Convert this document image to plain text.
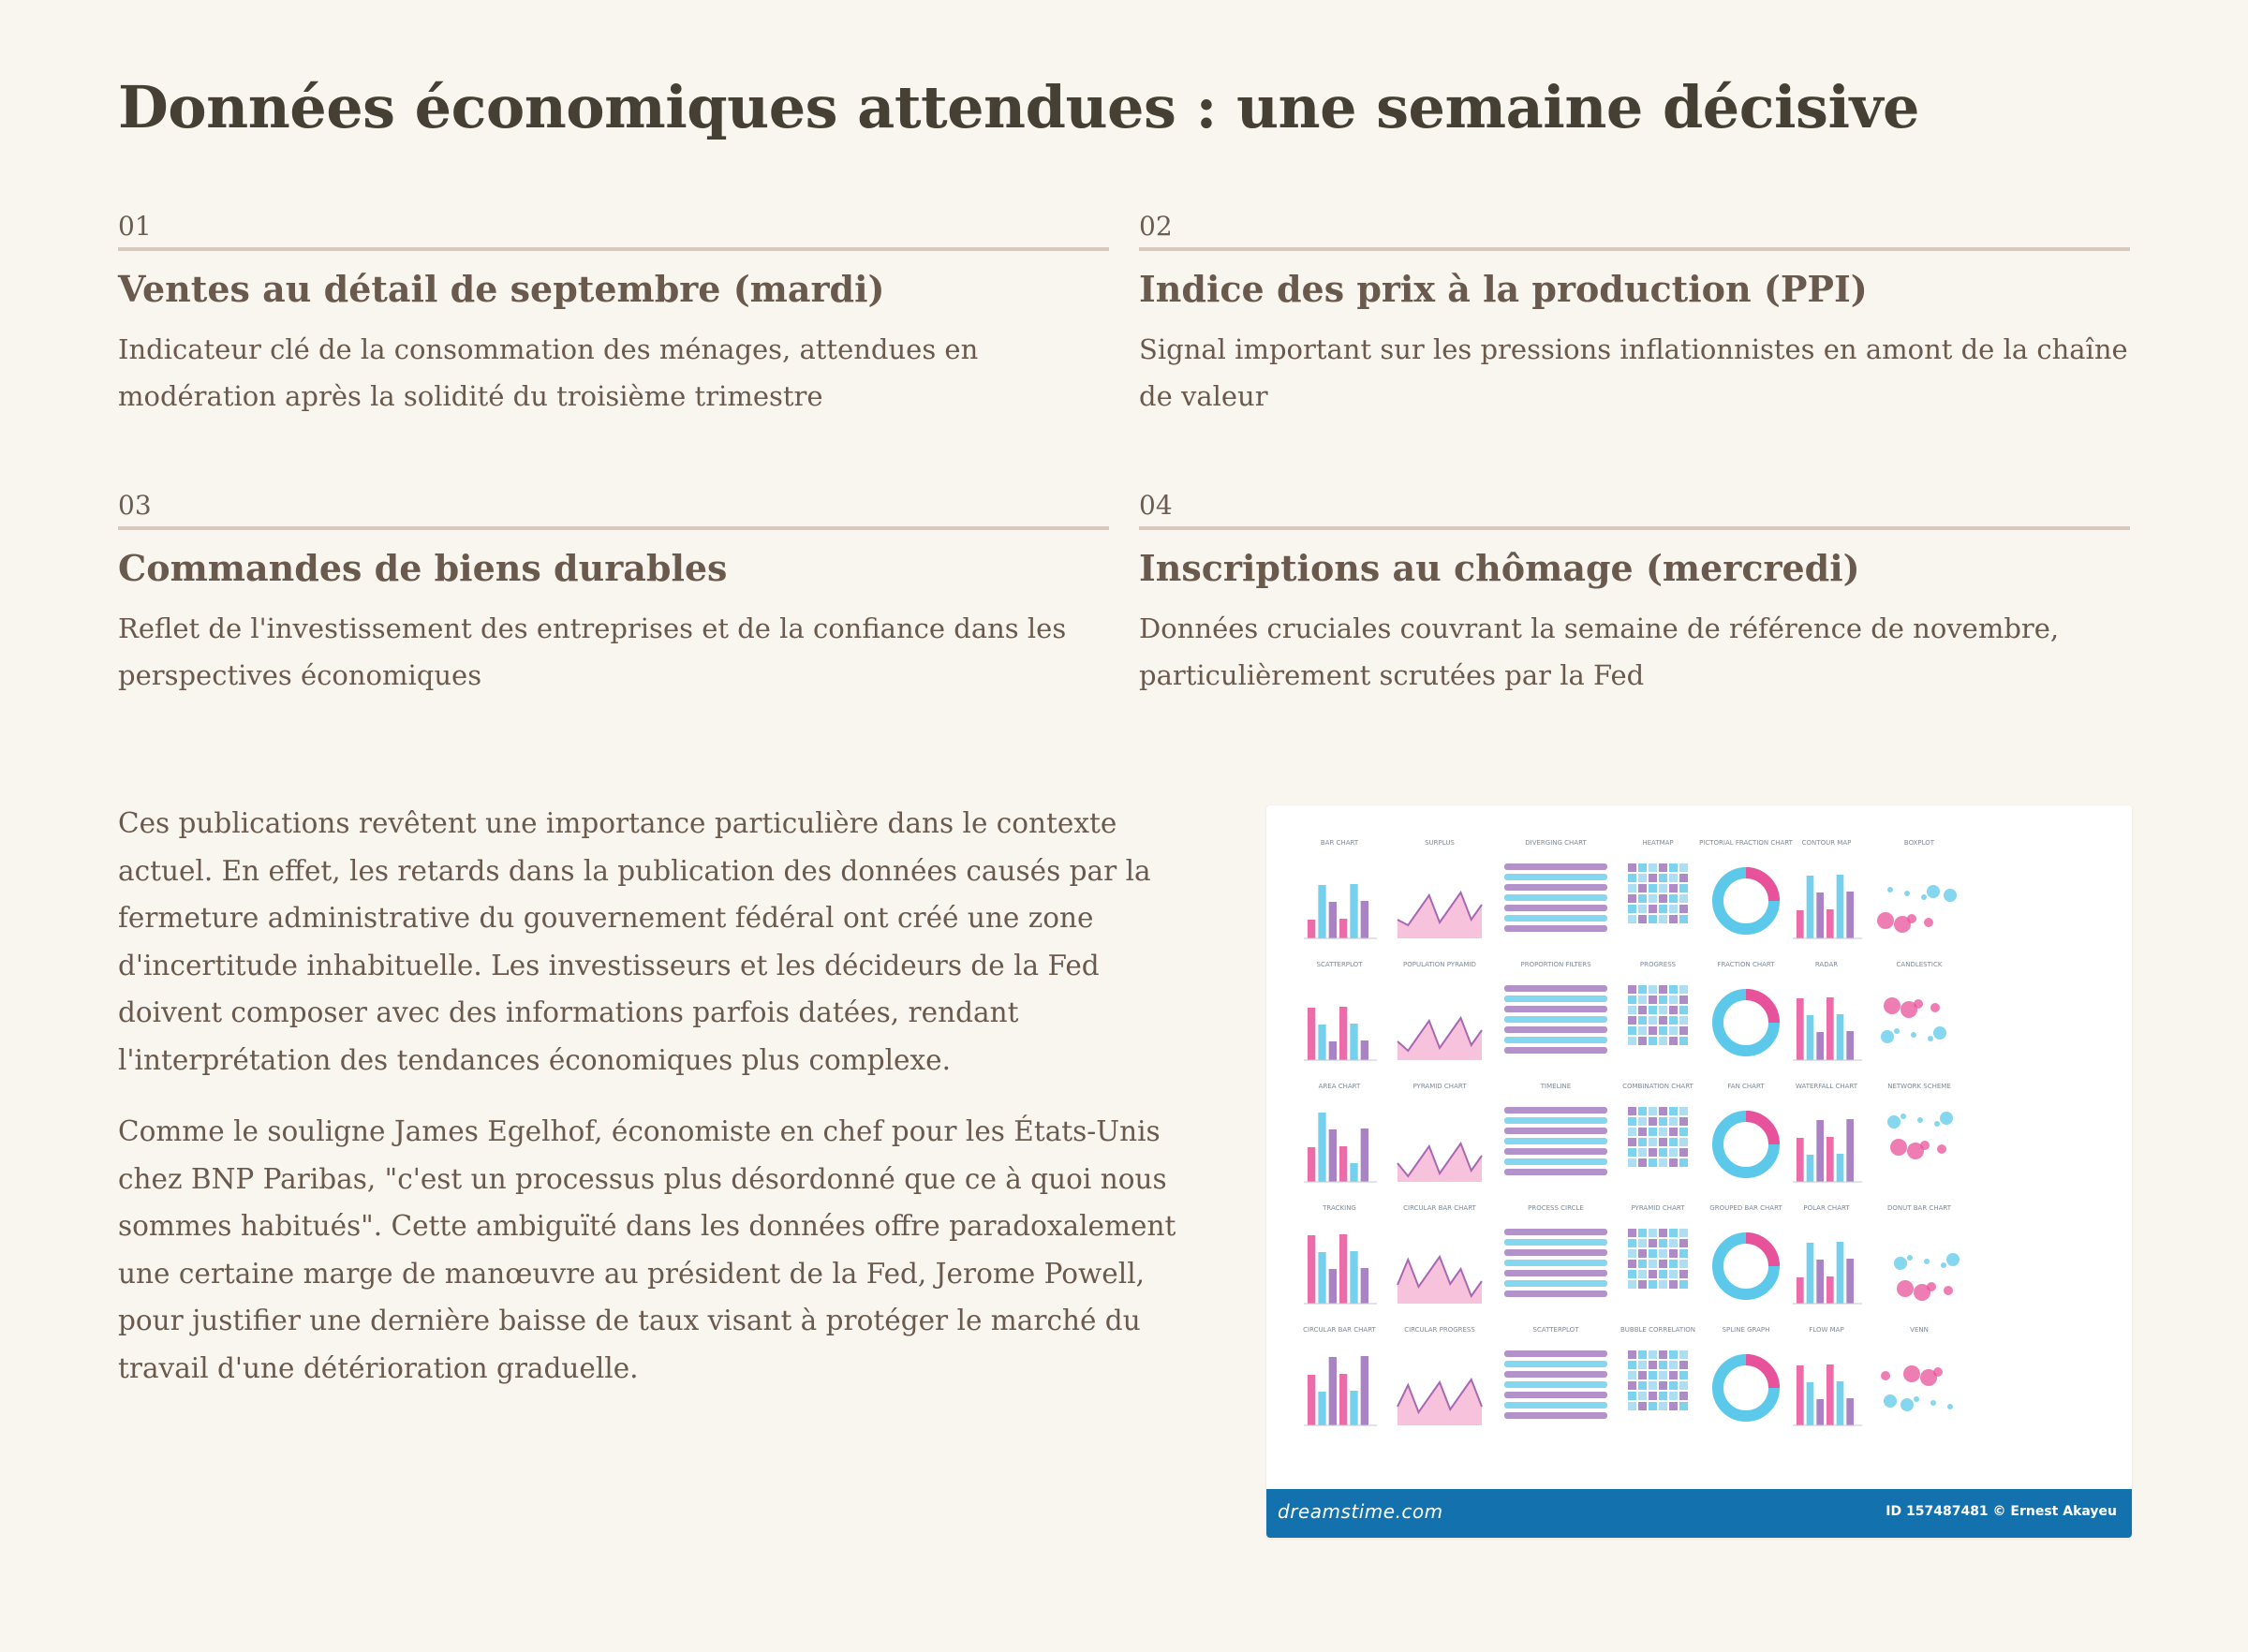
Données économiques attendues : une semaine décisive
01
Ventes au détail de septembre (mardi)
Indicateur clé de la consommation des ménages, attendues en modération après la solidité du troisième trimestre
02
Indice des prix à la production (PPI)
Signal important sur les pressions inflationnistes en amont de la chaîne de valeur
03
Commandes de biens durables
Reflet de l'investissement des entreprises et de la confiance dans les perspectives économiques
04
Inscriptions au chômage (mercredi)
Données cruciales couvrant la semaine de référence de novembre, particulièrement scrutées par la Fed

Ces publications revêtent une importance particulière dans le contexte actuel. En effet, les retards dans la publication des données causés par la fermeture administrative du gouvernement fédéral ont créé une zone d'incertitude inhabituelle. Les investisseurs et les décideurs de la Fed doivent composer avec des informations parfois datées, rendant l'interprétation des tendances économiques plus complexe.

Comme le souligne James Egelhof, économiste en chef pour les États-Unis chez BNP Paribas, "c'est un processus plus désordonné que ce à quoi nous sommes habitués". Cette ambiguïté dans les données offre paradoxalement une certaine marge de manœuvre au président de la Fed, Jerome Powell, pour justifier une dernière baisse de taux visant à protéger le marché du travail d'une détérioration graduelle.

BAR CHART	SURPLUS	DIVERGING CHART	HEATMAP	PICTORIAL FRACTION CHART CONTOUR MAP	BOXPLOT
SCATTERPLOT	POPULATION PYRAMID	PROPORTION FILTERS	PROGRESS	FRACTION CHART	RADAR	CANDLESTICK
AREA CHART	PYRAMID CHART	TIMELINE	COMBINATION CHART	FAN CHART	WATERFALL CHART	NETWORK SCHEME
TRACKING	CIRCULAR BAR CHART	PROCESS CIRCLE	PYRAMID CHART	GROUPED BAR CHART	POLAR CHART	DONUT BAR CHART
CIRCULAR BAR CHART	CIRCULAR PROGRESS	SCATTERPLOT	BUBBLE CORRELATION	SPLINE GRAPH	FLOW MAP	VENN
dreamstime.com	ID 157487481 © Ernest Akayeu
